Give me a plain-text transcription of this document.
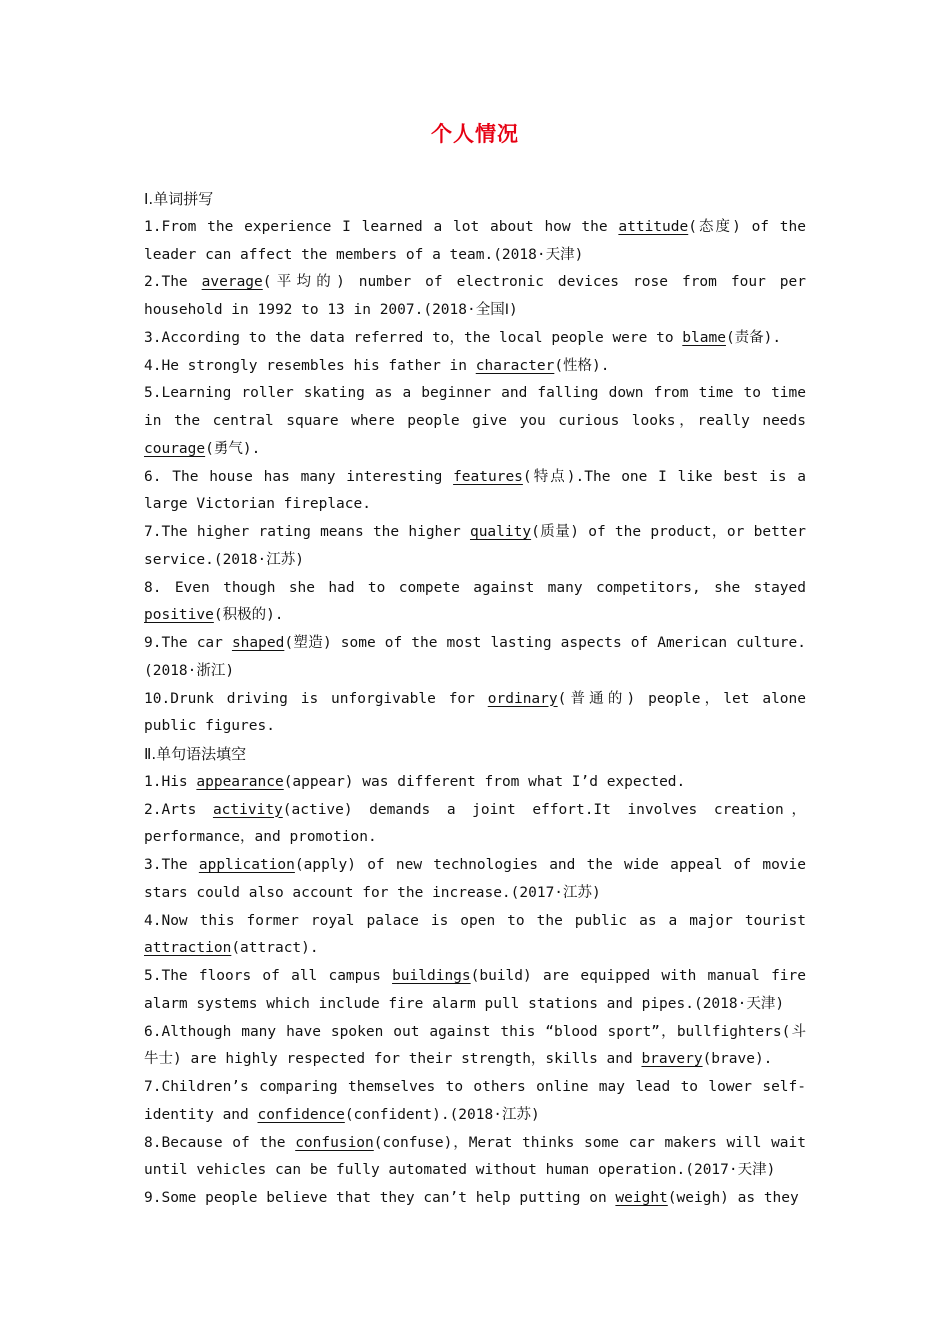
个人情况
Ⅰ.单词拼写
1.From the experience I learned a lot about how the attitude(态度) of the leader can affect the members of a team.(2018·天津)
2.The average(平均的) number of electronic devices rose from four per household in 1992 to 13 in 2007.(2018·全国Ⅰ)
3.According to the data referred to，the local people were to blame(责备).
4.He strongly resembles his father in character(性格).
5.Learning roller skating as a beginner and falling down from time to time in the central square where people give you curious looks，really needs courage(勇气).
6. The house has many interesting features(特点).The one I like best is a large Victorian fireplace.
7.The higher rating means the higher quality(质量) of the product，or better service.(2018·江苏)
8. Even though she had to compete against many competitors, she stayed positive(积极的).
9.The car shaped(塑造) some of the most lasting aspects of American culture.(2018·浙江)
10.Drunk driving is unforgivable for ordinary(普通的) people，let alone public figures.
Ⅱ.单句语法填空
1.His appearance(appear) was different from what I’d expected.
2.Arts activity(active) demands a joint effort.It involves creation，performance，and promotion.
3.The application(apply) of new technologies and the wide appeal of movie stars could also account for the increase.(2017·江苏)
4.Now this former royal palace is open to the public as a major tourist attraction(attract).
5.The floors of all campus buildings(build) are equipped with manual fire alarm systems which include fire alarm pull stations and pipes.(2018·天津)
6.Although many have spoken out against this “blood sport”，bullfighters(斗牛士) are highly respected for their strength，skills and bravery(brave).
7.Children’s comparing themselves to others online may lead to lower self-identity and confidence(confident).(2018·江苏)
8.Because of the confusion(confuse)，Merat thinks some car makers will wait until vehicles can be fully automated without human operation.(2017·天津)
9.Some people believe that they can’t help putting on weight(weigh) as they
